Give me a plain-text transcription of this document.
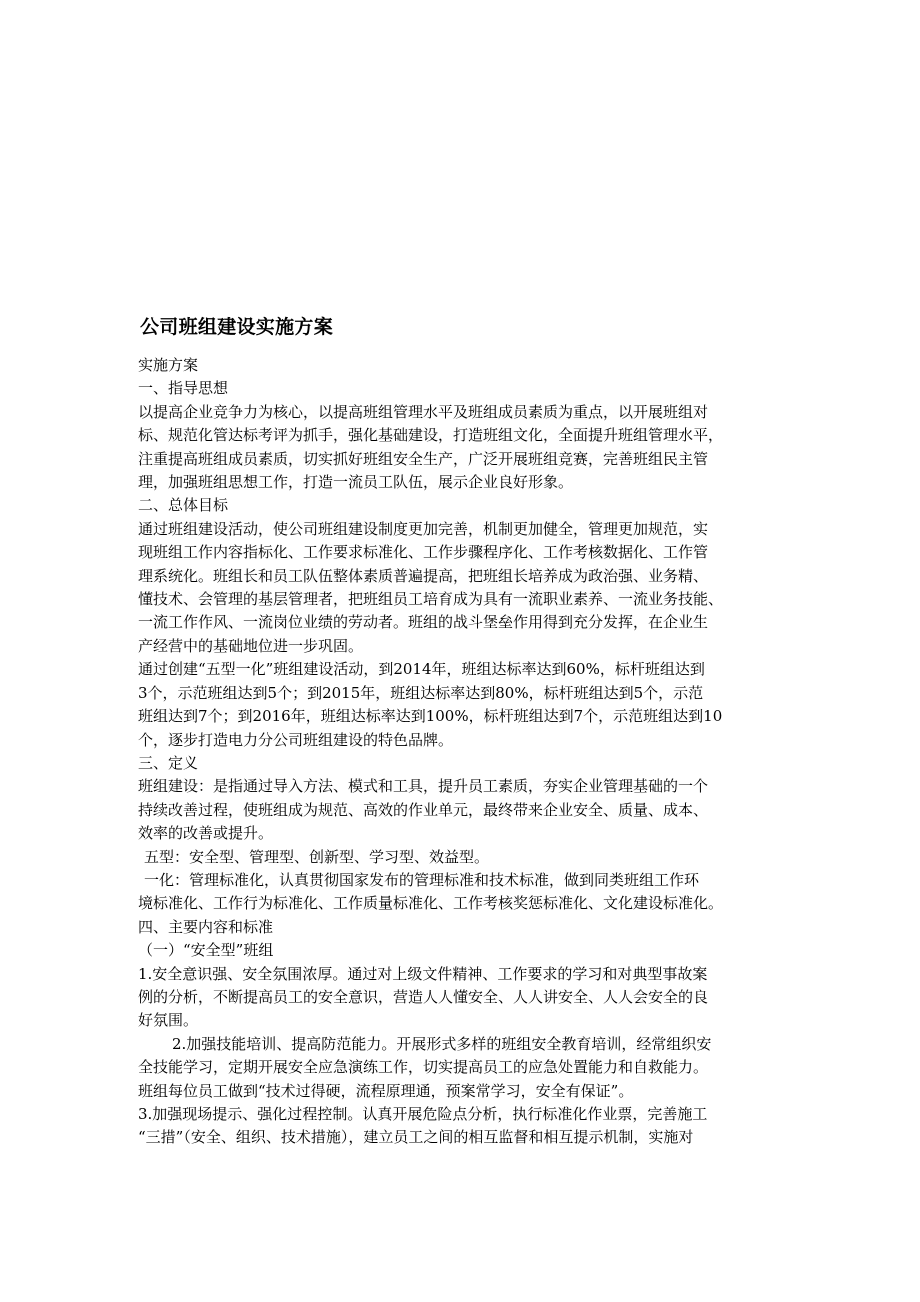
公司班组建设实施方案

实施方案

一、指导思想

以提高企业竞争力为核心，以提高班组管理水平及班组成员素质为重点，以开展班组对

标、规范化管达标考评为抓手，强化基础建设，打造班组文化，全面提升班组管理水平，

注重提高班组成员素质，切实抓好班组安全生产，广泛开展班组竞赛，完善班组民主管

理，加强班组思想工作，打造一流员工队伍，展示企业良好形象。

二、总体目标

通过班组建设活动，使公司班组建设制度更加完善，机制更加健全，管理更加规范，实

现班组工作内容指标化、工作要求标准化、工作步骤程序化、工作考核数据化、工作管

理系统化。班组长和员工队伍整体素质普遍提高，把班组长培养成为政治强、业务精、

懂技术、会管理的基层管理者，把班组员工培育成为具有一流职业素养、一流业务技能、

一流工作作风、一流岗位业绩的劳动者。班组的战斗堡垒作用得到充分发挥，在企业生

产经营中的基础地位进一步巩固。

通过创建“五型一化”班组建设活动，到2014年，班组达标率达到60%，标杆班组达到

3个，示范班组达到5个；到2015年，班组达标率达到80%，标杆班组达到5个，示范

班组达到7个；到2016年，班组达标率达到100%，标杆班组达到7个，示范班组达到10

个，逐步打造电力分公司班组建设的特色品牌。

三、定义

班组建设：是指通过导入方法、模式和工具，提升员工素质，夯实企业管理基础的一个

持续改善过程，使班组成为规范、高效的作业单元，最终带来企业安全、质量、成本、

效率的改善或提升。

五型：安全型、管理型、创新型、学习型、效益型。

一化：管理标准化，认真贯彻国家发布的管理标准和技术标准，做到同类班组工作环

境标准化、工作行为标准化、工作质量标准化、工作考核奖惩标准化、文化建设标准化。

四、主要内容和标准

（一）“安全型”班组

1.安全意识强、安全氛围浓厚。通过对上级文件精神、工作要求的学习和对典型事故案

例的分析，不断提高员工的安全意识，营造人人懂安全、人人讲安全、人人会安全的良

好氛围。

2.加强技能培训、提高防范能力。开展形式多样的班组安全教育培训，经常组织安

全技能学习，定期开展安全应急演练工作，切实提高员工的应急处置能力和自救能力。

班组每位员工做到“技术过得硬，流程原理通，预案常学习，安全有保证”。

3.加强现场提示、强化过程控制。认真开展危险点分析，执行标准化作业票，完善施工

“三措”（安全、组织、技术措施），建立员工之间的相互监督和相互提示机制，实施对
